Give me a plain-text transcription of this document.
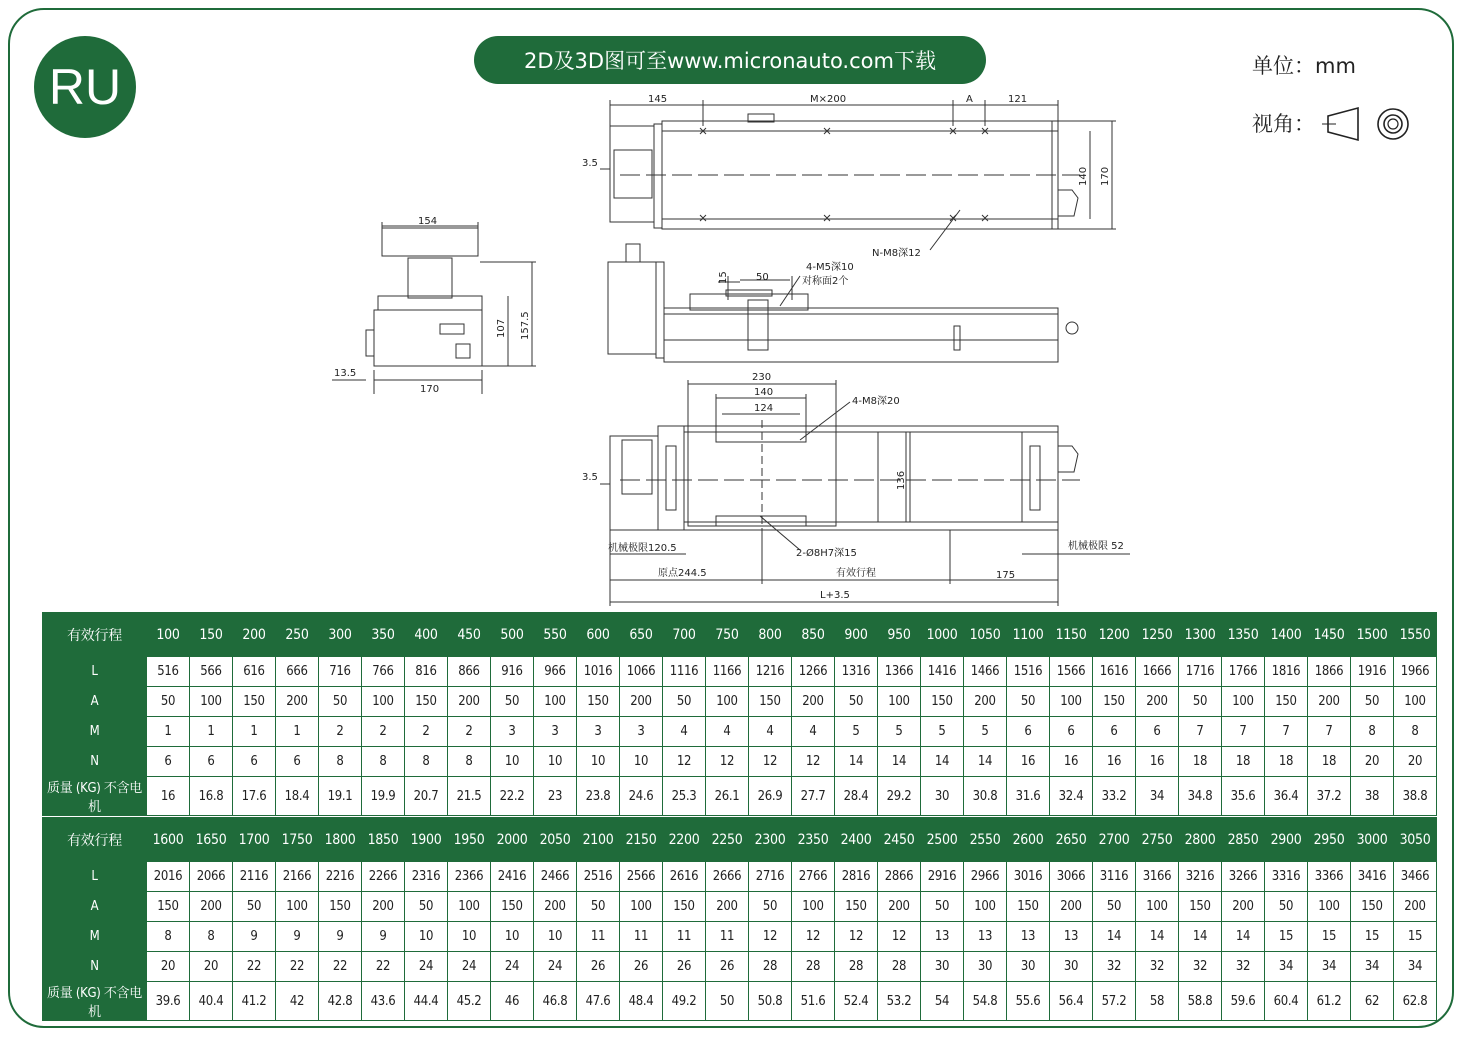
RU	2D及3D图可至www.micronauto.com下载	单位：mm
视角：
145	M×200	A	121
3.5
140 170
N-M8深12
154
107 157.5
13.5
170
15	50
4-M5深10
对称面2个
230
140
124
4-M8深20
3.5	136
机械极限120.5	2-Ø8H7深15
机械极限 52
原点244.5	有效行程	175
L+3.5
有效行程	100	150	200	250	300	350	400	450	500	550	600	650	700	750	800	850	900	950	1000	1050	1100	1150	1200	1250	1300	1350	1400	1450	1500	1550
L	516	566	616	666	716	766	816	866	916	966	1016	1066	1116	1166	1216	1266	1316	1366	1416	1466	1516	1566	1616	1666	1716	1766	1816	1866	1916	1966
A	50	100	150	200	50	100	150	200	50	100	150	200	50	100	150	200	50	100	150	200	50	100	150	200	50	100	150	200	50	100
M	1	1	1	1	2	2	2	2	3	3	3	3	4	4	4	4	5	5	5	5	6	6	6	6	7	7	7	7	8	8
N	6	6	6	6	8	8	8	8	10	10	10	10	12	12	12	12	14	14	14	14	16	16	16	16	18	18	18	18	20	20
质量 (KG) 不含电机	16	16.8	17.6	18.4	19.1	19.9	20.7	21.5	22.2	23	23.8	24.6	25.3	26.1	26.9	27.7	28.4	29.2	30	30.8	31.6	32.4	33.2	34	34.8	35.6	36.4	37.2	38	38.8
有效行程	1600	1650	1700	1750	1800	1850	1900	1950	2000	2050	2100	2150	2200	2250	2300	2350	2400	2450	2500	2550	2600	2650	2700	2750	2800	2850	2900	2950	3000	3050
L	2016	2066	2116	2166	2216	2266	2316	2366	2416	2466	2516	2566	2616	2666	2716	2766	2816	2866	2916	2966	3016	3066	3116	3166	3216	3266	3316	3366	3416	3466
A	150	200	50	100	150	200	50	100	150	200	50	100	150	200	50	100	150	200	50	100	150	200	50	100	150	200	50	100	150	200
M	8	8	9	9	9	9	10	10	10	10	11	11	11	11	12	12	12	12	13	13	13	13	14	14	14	14	15	15	15	15
N	20	20	22	22	22	22	24	24	24	24	26	26	26	26	28	28	28	28	30	30	30	30	32	32	32	32	34	34	34	34
质量 (KG) 不含电机	39.6	40.4	41.2	42	42.8	43.6	44.4	45.2	46	46.8	47.6	48.4	49.2	50	50.8	51.6	52.4	53.2	54	54.8	55.6	56.4	57.2	58	58.8	59.6	60.4	61.2	62	62.8
